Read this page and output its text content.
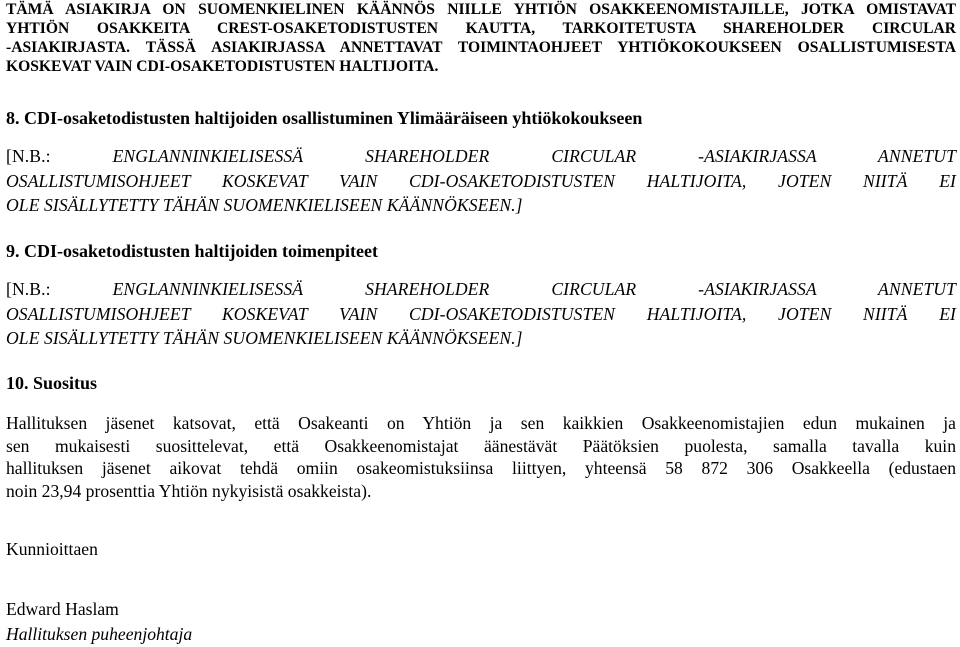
TÄMÄ ASIAKIRJA ON SUOMENKIELINEN KÄÄNNÖS NIILLE YHTIÖN OSAKKEENOMISTAJILLE, JOTKA OMISTAVAT
YHTIÖN OSAKKEITA CREST-OSAKETODISTUSTEN KAUTTA, TARKOITETUSTA SHAREHOLDER CIRCULAR
-ASIAKIRJASTA. TÄSSÄ ASIAKIRJASSA ANNETTAVAT TOIMINTAOHJEET YHTIÖKOKOUKSEEN OSALLISTUMISESTA
KOSKEVAT VAIN CDI-OSAKETODISTUSTEN HALTIJOITA.
8. CDI-osaketodistusten haltijoiden osallistuminen Ylimääräiseen yhtiökokoukseen
[N.B.:	ENGLANNINKIELISESSÄ SHAREHOLDER CIRCULAR -ASIAKIRJASSA ANNETUT
OSALLISTUMISOHJEET KOSKEVAT VAIN CDI-OSAKETODISTUSTEN HALTIJOITA, JOTEN NIITÄ EI
OLE SISÄLLYTETTY TÄHÄN SUOMENKIELISEEN KÄÄNNÖKSEEN.]
9. CDI-osaketodistusten haltijoiden toimenpiteet
[N.B.:	ENGLANNINKIELISESSÄ SHAREHOLDER CIRCULAR -ASIAKIRJASSA ANNETUT
OSALLISTUMISOHJEET KOSKEVAT VAIN CDI-OSAKETODISTUSTEN HALTIJOITA, JOTEN NIITÄ EI
OLE SISÄLLYTETTY TÄHÄN SUOMENKIELISEEN KÄÄNNÖKSEEN.]
10. Suositus
Hallituksen jäsenet katsovat, että Osakeanti on Yhtiön ja sen kaikkien Osakkeenomistajien edun mukainen ja
sen mukaisesti suosittelevat, että Osakkeenomistajat äänestävät Päätöksien puolesta, samalla tavalla kuin
hallituksen jäsenet aikovat tehdä omiin osakeomistuksiinsa liittyen, yhteensä 58 872 306 Osakkeella (edustaen
noin 23,94 prosenttia Yhtiön nykyisistä osakkeista).
Kunnioittaen
Edward Haslam
Hallituksen puheenjohtaja
